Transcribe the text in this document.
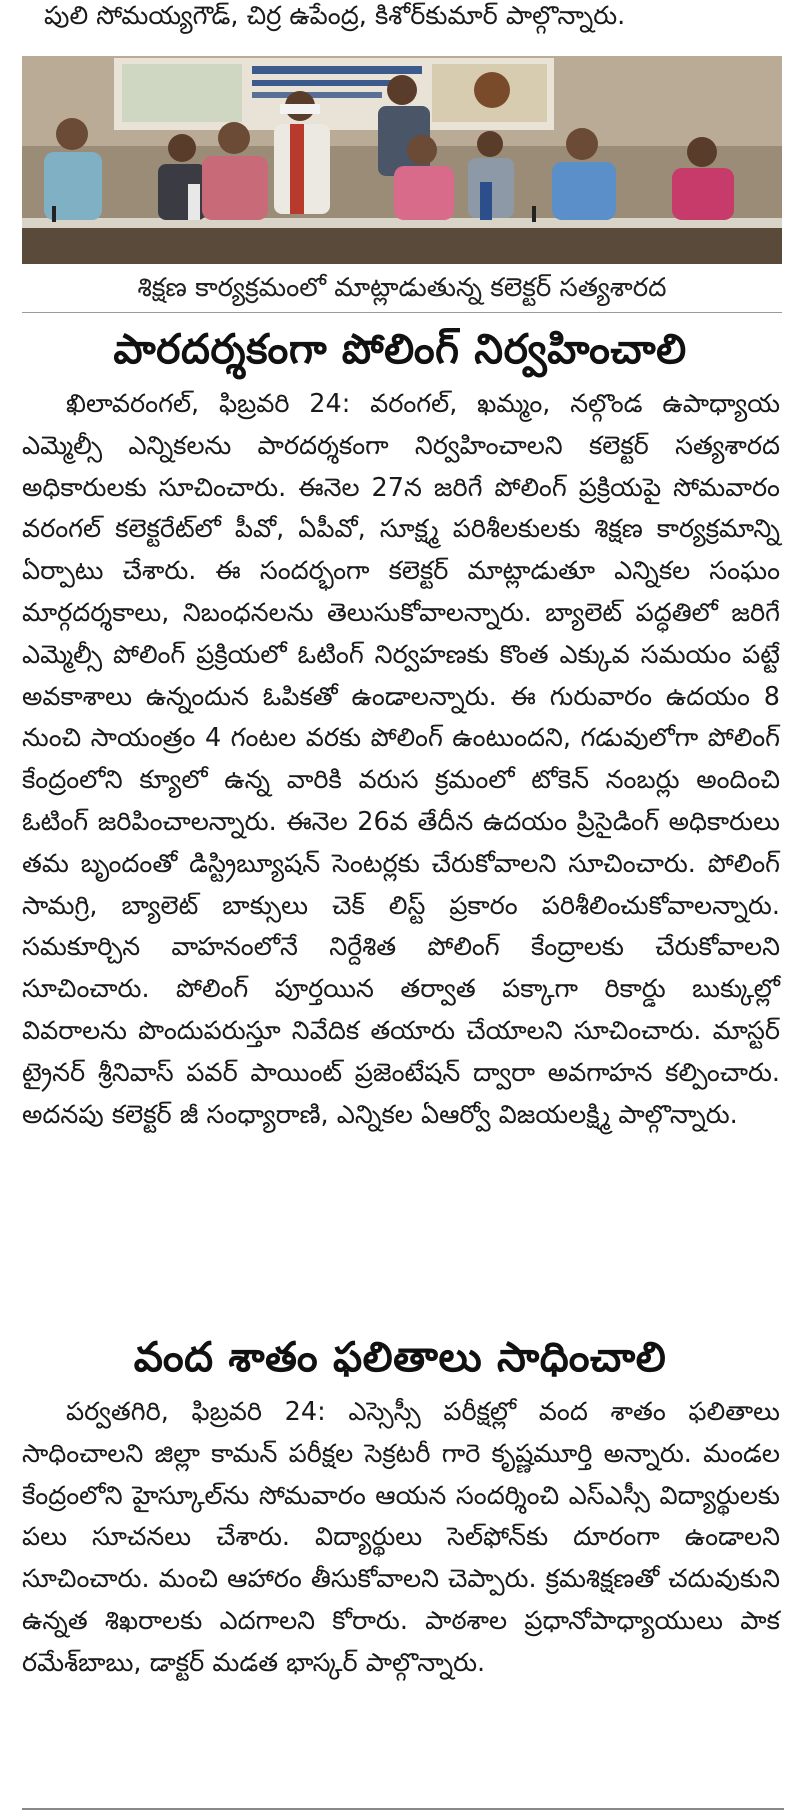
పులి సోమయ్యగౌడ్, చిర్ర ఉపేంద్ర, కిశోర్‌కుమార్ పాల్గొన్నారు.

శిక్షణ కార్యక్రమంలో మాట్లాడుతున్న కలెక్టర్ సత్యశారద
పారదర్శకంగా పోలింగ్ నిర్వహించాలి

ఖిలావరంగల్, ఫిబ్రవరి 24: వరంగల్, ఖమ్మం, నల్గొండ ఉపాధ్యాయ ఎమ్మెల్సీ ఎన్నికలను పారదర్శకంగా నిర్వహించాలని కలెక్టర్ సత్యశారద అధికారులకు సూచించారు. ఈనెల 27న జరిగే పోలింగ్ ప్రక్రియపై సోమవారం వరంగల్ కలెక్టరేట్‌లో పీవో, ఏపీవో, సూక్ష్మ పరిశీలకులకు శిక్షణ కార్యక్రమాన్ని ఏర్పాటు చేశారు. ఈ సందర్భంగా కలెక్టర్ మాట్లాడుతూ ఎన్నికల సంఘం మార్గదర్శకాలు, నిబంధనలను తెలుసుకోవాలన్నారు. బ్యాలెట్ పద్ధతిలో జరిగే ఎమ్మెల్సీ పోలింగ్ ప్రక్రియలో ఓటింగ్ నిర్వహణకు కొంత ఎక్కువ సమయం పట్టే అవకాశాలు ఉన్నందున ఓపికతో ఉండాలన్నారు. ఈ గురువారం ఉదయం 8 నుంచి సాయంత్రం 4 గంటల వరకు పోలింగ్ ఉంటుందని, గడువులోగా పోలింగ్ కేంద్రంలోని క్యూలో ఉన్న వారికి వరుస క్రమంలో టోకెన్ నంబర్లు అందించి ఓటింగ్ జరిపించాలన్నారు. ఈనెల 26వ తేదీన ఉదయం ప్రిసైడింగ్ అధికారులు తమ బృందంతో డిస్ట్రిబ్యూషన్ సెంటర్లకు చేరుకోవాలని సూచించారు. పోలింగ్ సామగ్రి, బ్యాలెట్ బాక్సులు చెక్ లిస్ట్ ప్రకారం పరిశీలించుకోవాలన్నారు. సమకూర్చిన వాహనంలోనే నిర్దేశిత పోలింగ్ కేంద్రాలకు చేరుకోవాలని సూచించారు. పోలింగ్ పూర్తయిన తర్వాత పక్కాగా రికార్డు బుక్కుల్లో వివరాలను పొందుపరుస్తూ నివేదిక తయారు చేయాలని సూచించారు. మాస్టర్ ట్రైనర్ శ్రీనివాస్ పవర్ పాయింట్ ప్రజెంటేషన్ ద్వారా అవగాహన కల్పించారు. అదనపు కలెక్టర్ జీ సంధ్యారాణి, ఎన్నికల ఏఆర్వో విజయలక్ష్మి పాల్గొన్నారు.

వంద శాతం ఫలితాలు సాధించాలి

పర్వతగిరి, ఫిబ్రవరి 24: ఎస్సెస్సీ పరీక్షల్లో వంద శాతం ఫలితాలు సాధించాలని జిల్లా కామన్ పరీక్షల సెక్రటరీ గారె కృష్ణమూర్తి అన్నారు. మండల కేంద్రంలోని హైస్కూల్‌ను సోమవారం ఆయన సందర్శించి ఎస్ఎస్సీ విద్యార్థులకు పలు సూచనలు చేశారు. విద్యార్థులు సెల్‌ఫోన్‌కు దూరంగా ఉండాలని సూచించారు. మంచి ఆహారం తీసుకోవాలని చెప్పారు. క్రమశిక్షణతో చదువుకుని ఉన్నత శిఖరాలకు ఎదగాలని కోరారు. పాఠశాల ప్రధానోపాధ్యాయులు పాక రమేశ్‌బాబు, డాక్టర్ మడత భాస్కర్ పాల్గొన్నారు.
